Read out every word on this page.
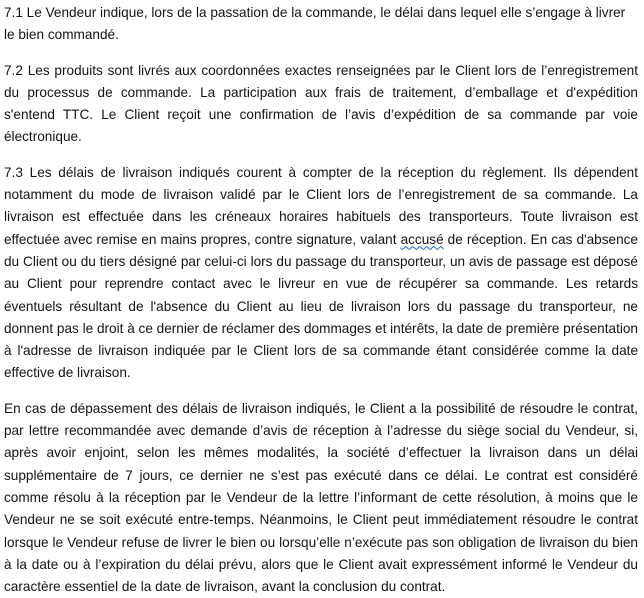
7.1 Le Vendeur indique, lors de la passation de la commande, le délai dans lequel elle s’engage à livrer le bien commandé.

7.2 Les produits sont livrés aux coordonnées exactes renseignées par le Client lors de l’enregistrement du processus de commande. La participation aux frais de traitement, d’emballage et d'expédition s'entend TTC. Le Client reçoit une confirmation de l’avis d’expédition de sa commande par voie électronique.

7.3 Les délais de livraison indiqués courent à compter de la réception du règlement. Ils dépendent notamment du mode de livraison validé par le Client lors de l’enregistrement de sa commande. La livraison est effectuée dans les créneaux horaires habituels des transporteurs. Toute livraison est effectuée avec remise en mains propres, contre signature, valant accusé de réception. En cas d'absence du Client ou du tiers désigné par celui-ci lors du passage du transporteur, un avis de passage est déposé au Client pour reprendre contact avec le livreur en vue de récupérer sa commande. Les retards éventuels résultant de l'absence du Client au lieu de livraison lors du passage du transporteur, ne donnent pas le droit à ce dernier de réclamer des dommages et intérêts, la date de première présentation à l'adresse de livraison indiquée par le Client lors de sa commande étant considérée comme la date effective de livraison.

En cas de dépassement des délais de livraison indiqués, le Client a la possibilité de résoudre le contrat, par lettre recommandée avec demande d’avis de réception à l’adresse du siège social du Vendeur, si, après avoir enjoint, selon les mêmes modalités, la société d’effectuer la livraison dans un délai supplémentaire de 7 jours, ce dernier ne s’est pas exécuté dans ce délai. Le contrat est considéré comme résolu à la réception par le Vendeur de la lettre l’informant de cette résolution, à moins que le Vendeur ne se soit exécuté entre-temps. Néanmoins, le Client peut immédiatement résoudre le contrat lorsque le Vendeur refuse de livrer le bien ou lorsqu’elle n’exécute pas son obligation de livraison du bien à la date ou à l’expiration du délai prévu, alors que le Client avait expressément informé le Vendeur du caractère essentiel de la date de livraison, avant la conclusion du contrat.
